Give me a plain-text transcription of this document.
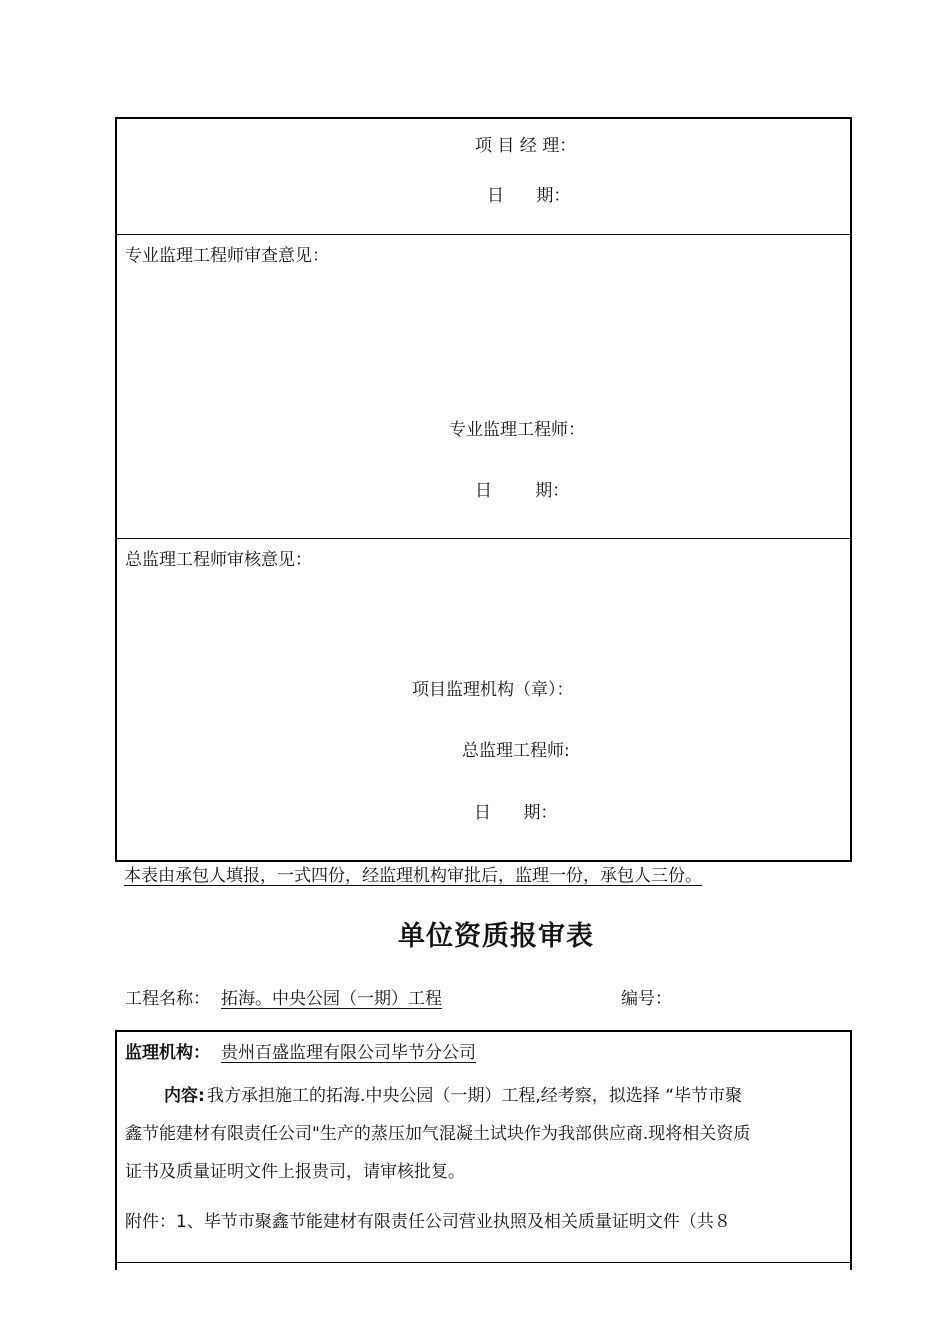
项 目 经 理：
日      期：
专业监理工程师审查意见：
专业监理工程师：
日        期：
总监理工程师审核意见：
项目监理机构（章）：
总监理工程师:
日      期：
本表由承包人填报，一式四份，经监理机构审批后，监理一份，承包人三份。
单位资质报审表
工程名称： 拓海。中央公园（一期）工程	编号：
监理机构： 贵州百盛监理有限公司毕节分公司
内容: 我方承担施工的拓海.中央公园（一期）工程,经考察，拟选择 “毕节市聚
鑫节能建材有限责任公司"生产的蒸压加气混凝土试块作为我部供应商.现将相关资质
证书及质量证明文件上报贵司，请审核批复。
附件：1、毕节市聚鑫节能建材有限责任公司营业执照及相关质量证明文件（共８
